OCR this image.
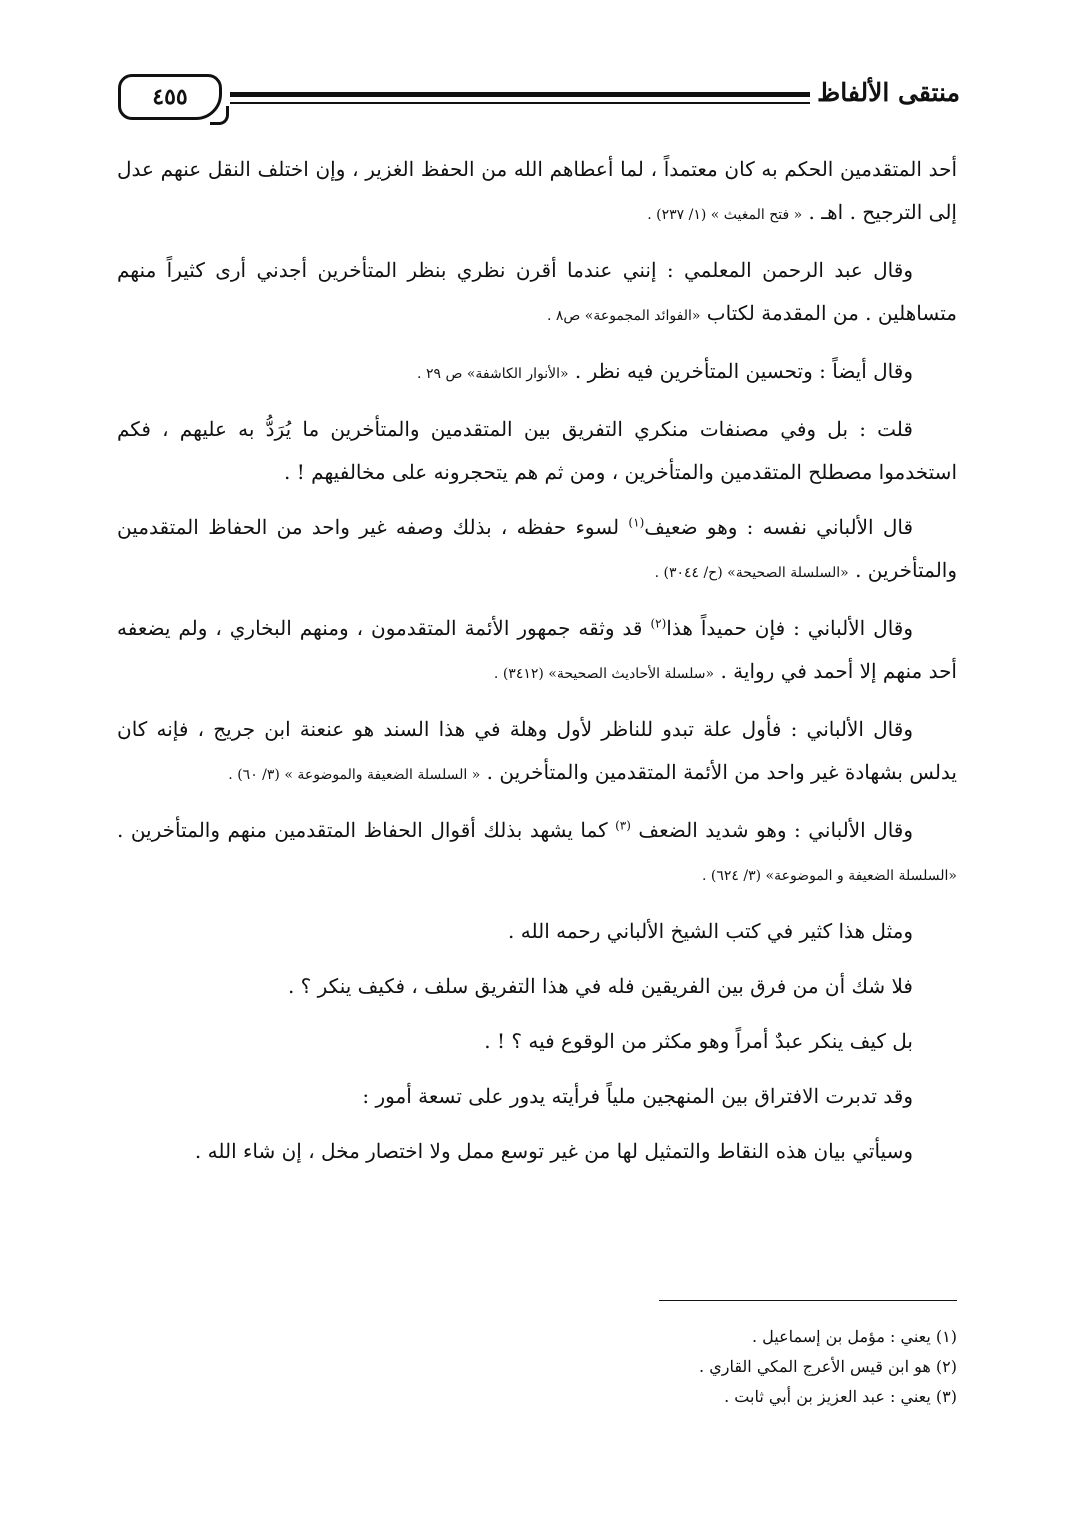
٤٥٥	منتقى الألفاظ

أحد المتقدمين الحكم به كان معتمداً ، لما أعطاهم الله من الحفظ الغزير ، وإن اختلف النقل عنهم عدل إلى الترجيح . اهـ . « فتح المغيث » (١/ ٢٣٧) .

وقال عبد الرحمن المعلمي : إنني عندما أقرن نظري بنظر المتأخرين أجدني أرى كثيراً منهم متساهلين . من المقدمة لكتاب «الفوائد المجموعة» ص٨ .

وقال أيضاً : وتحسين المتأخرين فيه نظر . «الأنوار الكاشفة» ص ٢٩ .

قلت : بل وفي مصنفات منكري التفريق بين المتقدمين والمتأخرين ما يُرَدُّ به عليهم ، فكم استخدموا مصطلح المتقدمين والمتأخرين ، ومن ثم هم يتحجرونه على مخالفيهم ! .

قال الألباني نفسه : وهو ضعيف$^{(١)}$ لسوء حفظه ، بذلك وصفه غير واحد من الحفاظ المتقدمين والمتأخرين . «السلسلة الصحيحة» (ح/ ٣٠٤٤) .

وقال الألباني : فإن حميداً هذا$^{(٢)}$ قد وثقه جمهور الأئمة المتقدمون ، ومنهم البخاري ، ولم يضعفه أحد منهم إلا أحمد في رواية . «سلسلة الأحاديث الصحيحة» (٣٤١٢) .

وقال الألباني : فأول علة تبدو للناظر لأول وهلة في هذا السند هو عنعنة ابن جريج ، فإنه كان يدلس بشهادة غير واحد من الأئمة المتقدمين والمتأخرين . « السلسلة الضعيفة والموضوعة » (٣/ ٦٠) .

وقال الألباني : وهو شديد الضعف $^{(٣)}$ كما يشهد بذلك أقوال الحفاظ المتقدمين منهم والمتأخرين . «السلسلة الضعيفة و الموضوعة» (٣/ ٦٢٤) .

ومثل هذا كثير في كتب الشيخ الألباني رحمه الله .

فلا شك أن من فرق بين الفريقين فله في هذا التفريق سلف ، فكيف ينكر ؟ .

بل كيف ينكر عبدٌ أمراً وهو مكثر من الوقوع فيه ؟ ! .

وقد تدبرت الافتراق بين المنهجين ملياً فرأيته يدور على تسعة أمور :

وسيأتي بيان هذه النقاط والتمثيل لها من غير توسع ممل ولا اختصار مخل ، إن شاء الله .

(١) يعني : مؤمل بن إسماعيل .

(٢) هو ابن قيس الأعرج المكي القاري .

(٣) يعني : عبد العزيز بن أبي ثابت .
